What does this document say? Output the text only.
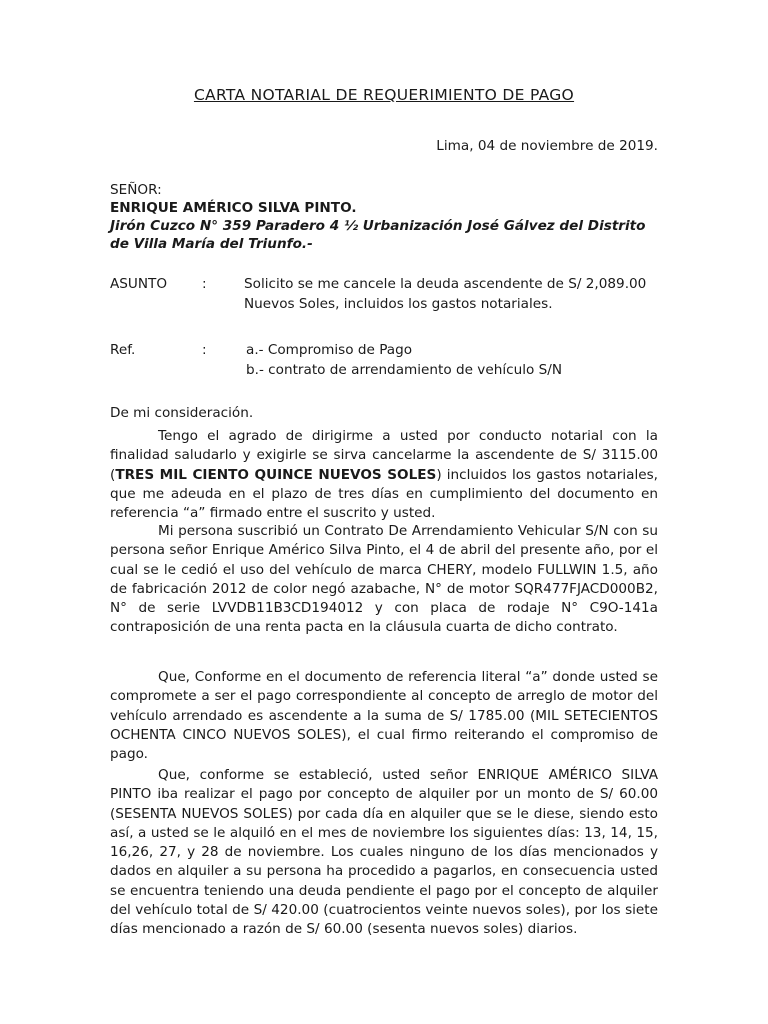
CARTA NOTARIAL DE REQUERIMIENTO DE PAGO
Lima, 04 de noviembre de 2019.
SEÑOR:
ENRIQUE AMÉRICO SILVA PINTO.
Jirón Cuzco N° 359 Paradero 4 ½ Urbanización José Gálvez del Distrito de Villa María del Triunfo.-
ASUNTO	:	Solicito se me cancele la deuda ascendente de S/ 2,089.00 Nuevos Soles, incluidos los gastos notariales.
Ref.	:	a.- Compromiso de Pago
b.- contrato de arrendamiento de vehículo S/N
De mi consideración.
Tengo el agrado de dirigirme a usted por conducto notarial con la finalidad saludarlo y exigirle se sirva cancelarme la ascendente de S/ 3115.00 (TRES MIL CIENTO QUINCE NUEVOS SOLES) incluidos los gastos notariales, que me adeuda en el plazo de tres días en cumplimiento del documento en referencia “a” firmado entre el suscrito y usted.
Mi persona suscribió un Contrato De Arrendamiento Vehicular S/N con su persona señor Enrique Américo Silva Pinto, el 4 de abril del presente año, por el cual se le cedió el uso del vehículo de marca CHERY, modelo FULLWIN 1.5, año de fabricación 2012 de color negó azabache, N° de motor SQR477FJACD000B2, N° de serie LVVDB11B3CD194012 y con placa de rodaje N° C9O-141a contraposición de una renta pacta en la cláusula cuarta de dicho contrato.
Que, Conforme en el documento de referencia literal “a” donde usted se compromete a ser el pago correspondiente al concepto de arreglo de motor del vehículo arrendado es ascendente a la suma de S/ 1785.00 (MIL SETECIENTOS OCHENTA CINCO NUEVOS SOLES), el cual firmo reiterando el compromiso de pago.
Que, conforme se estableció, usted señor ENRIQUE AMÉRICO SILVA PINTO iba realizar el pago por concepto de alquiler por un monto de S/ 60.00 (SESENTA NUEVOS SOLES) por cada día en alquiler que se le diese, siendo esto así, a usted se le alquiló en el mes de noviembre los siguientes días: 13, 14, 15, 16,26, 27, y 28 de noviembre. Los cuales ninguno de los días mencionados y dados en alquiler a su persona ha procedido a pagarlos, en consecuencia usted se encuentra teniendo una deuda pendiente el pago por el concepto de alquiler del vehículo total de S/ 420.00 (cuatrocientos veinte nuevos soles), por los siete días mencionado a razón de S/ 60.00 (sesenta nuevos soles) diarios.
